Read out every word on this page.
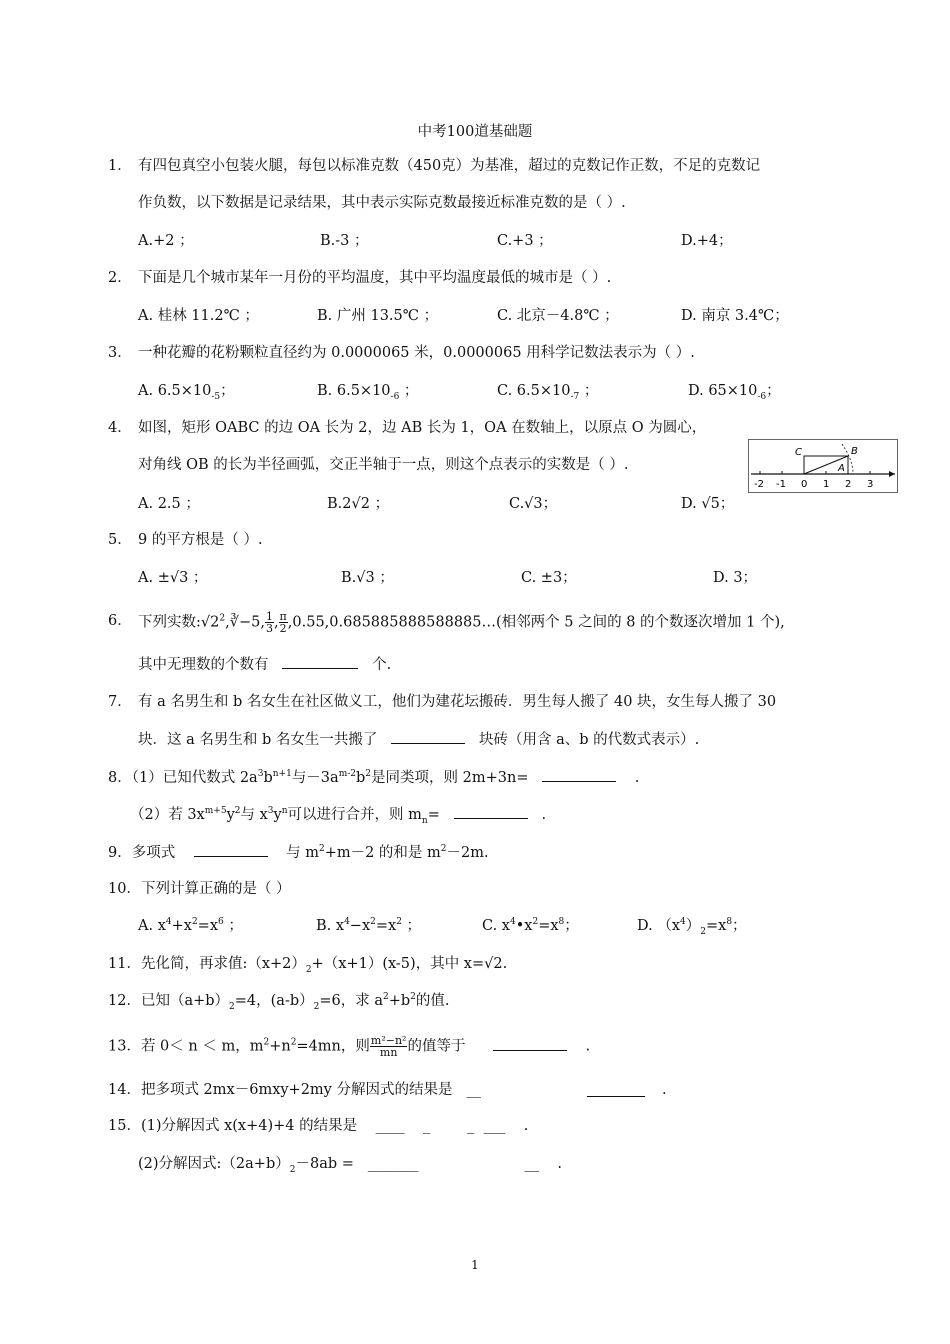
中考100道基础题
1． 有四包真空小包装火腿，每包以标准克数（450克）为基准，超过的克数记作正数，不足的克数记
作负数，以下数据是记录结果，其中表示实际克数最接近标准克数的是（ ）.
A.+2 ；	B.-3 ；	C.+3 ；	D.+4；
2． 下面是几个城市某年一月份的平均温度，其中平均温度最低的城市是（ ）.
A. 桂林 11.2℃ ；	B. 广州 13.5℃ ；	C. 北京－4.8℃ ；	D. 南京 3.4℃；
3． 一种花瓣的花粉颗粒直径约为 0.0000065 米，0.0000065 用科学记数法表示为（ ）.
A. $6.5\times 10_{-5}$；	B. $6.5\times 10_{-6}$ ；	C. $6.5\times 10_{-7}$ ；	D. $65\times 10_{-6}$；
4． 如图，矩形 OABC 的边 OA 长为 2，边 AB 长为 1，OA 在数轴上，以原点 O 为圆心，
对角线 OB 的长为半径画弧，交正半轴于一点，则这个点表示的实数是（ ）.
A. 2.5 ；	B.2√2 ；	C.√3；	D. √5；
C	B
A
-2 -1 0 1 2 3
5． 9 的平方根是（ ）.
A. ±√3 ；	B.√3 ；	C. ±3；	D. 3；
6． 下列实数$:√2^2,∛-5$, $\frac{1}{3}$ , $\frac{\pi}{2}$ ,0.55,0.685885888588885…(相邻两个 5 之间的 8 的个数逐次增加 1 个),
其中无理数的个数有	个.
7． 有 a 名男生和 b 名女生在社区做义工，他们为建花坛搬砖．男生每人搬了 40 块，女生每人搬了 30
块．这 a 名男生和 b 名女生一共搬了	块砖（用含 a、b 的代数式表示）.
8．（1）已知代数式 $2a^3b^{n+1}$与$-3a^{m-2}b^2$是同类项，则 2m+3n=	.
（2）若 $3x^{m+5}y^2$与 $x^3y^n$可以进行合并，则 $m_n=$	.
9．多项式	与 $m^2+m-2$ 的和是 $m^2-2m$.
10．下列计算正确的是（ ）
A. $x^4+x^2=x^6$ ；	B. $x^4-x^2=x^2$ ；	C. $x^4•x^2=x^8$；	D. $(x^4)_2=x^8$；
11．先化简，再求值$:(x+2)_2+(x+1)(x-5)$，其中 x=√2.
12．已知$(a+b)_2=4$，$(a-b)_2=6$，求 $a^2+b^2$的值.
13．若 0＜ n ＜ m，$m^2+n^2=4mn$，则 $\frac{\text{m²−n²}}{mn}$ 的值等于	.
14．把多项式 2mx－6mxy+2my 分解因式的结果是 __	.
15．(1)分解因式 x(x+4)+4 的结果是 ____ _	_ ___ .
(2)分解因式$:(2a+b)_2-8ab$ = _______	__ .
1
